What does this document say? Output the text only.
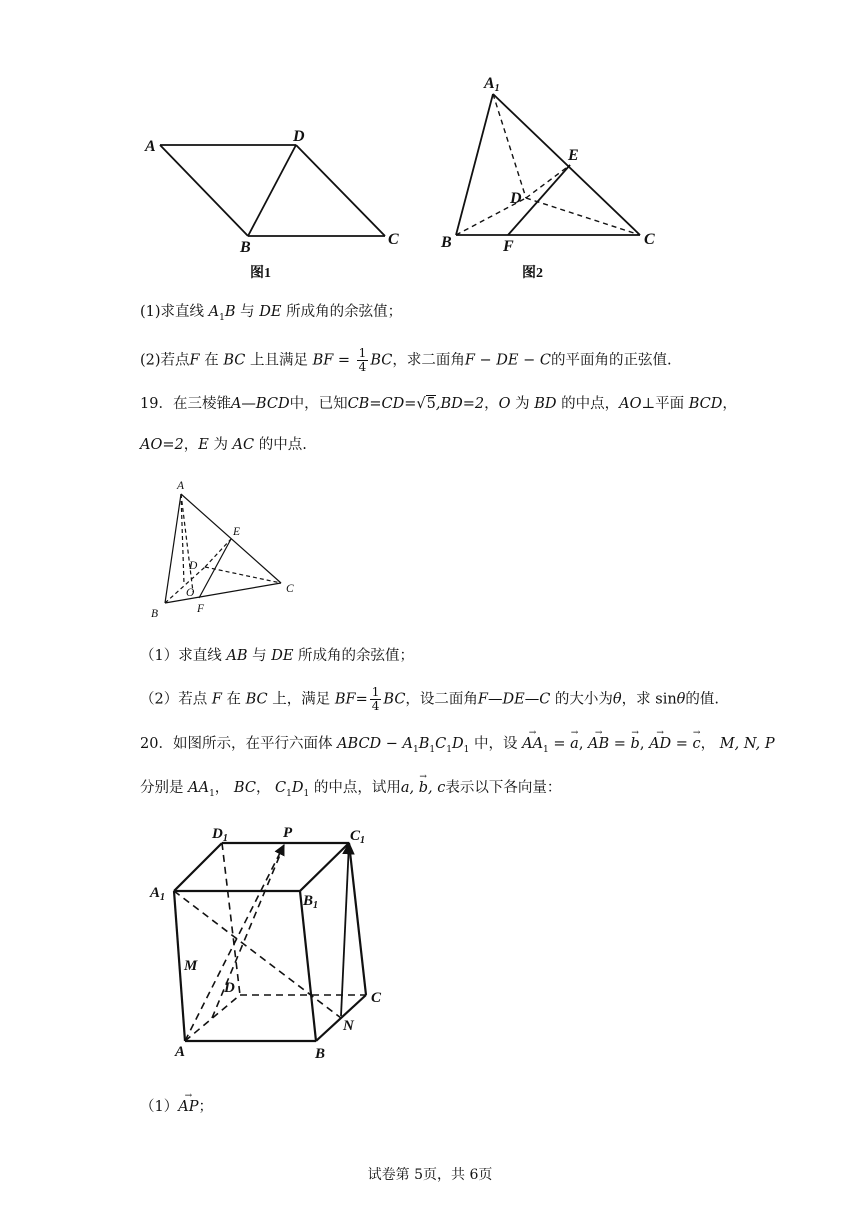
A
D
B	C
图1
A1
E
D
B	F	C
图2
A
E
D
O	C
B	F
$D_1$	P	$C_1$
$A_1$	$B_1$
M
D
C
N
A	B
(1)求直线 $A_1B$ 与 DE 所成角的余弦值；
(2)若点F 在 BC 上且满足 BF = $\frac{1}{4}$ BC，求二面角F − DE − C的平面角的正弦值.
19．在三棱锥A—BCD中，已知CB=CD=√5,BD=2，O 为 BD 的中点，AO⊥平面 BCD，
AO=2，E 为 AC 的中点.
（1）求直线 AB 与 DE 所成角的余弦值；
（2）若点 F 在 BC 上，满足 $BF= \frac{1}{4}$ BC，设二面角F—DE—C 的大小为θ，求 sinθ的值.
20．如图所示，在平行六面体 ABCD − $A_1B_1C_1D_1$ 中，设 → $AA_1$ = → a, → AB = → b, → AD = → c， M, N, P
分别是 $AA_1$， BC， $C_1D_1$ 的中点，试用→ a, b, c表示以下各向量：
（1）→ AP；
试卷第 5页，共 6页
